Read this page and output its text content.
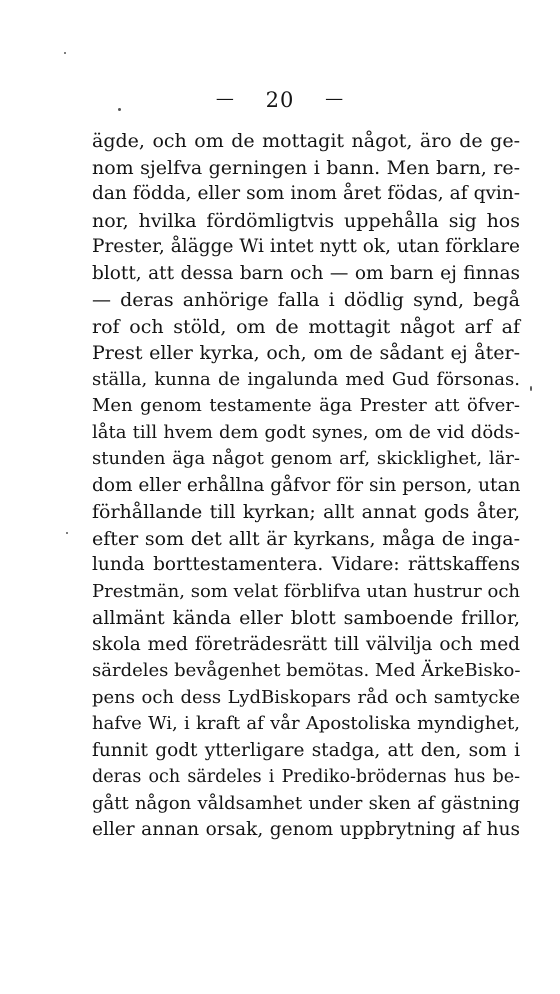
— 20 —
ägde, och om de mottagit något, äro de ge-
nom sjelfva gerningen i bann. Men barn, re-
dan födda, eller som inom året födas, af qvin-
nor, hvilka fördömligtvis uppehålla sig hos
Prester, ålägge Wi intet nytt ok, utan förklare
blott, att dessa barn och — om barn ej finnas
— deras anhörige falla i dödlig synd, begå
rof och stöld, om de mottagit något arf af
Prest eller kyrka, och, om de sådant ej åter-
ställa, kunna de ingalunda med Gud försonas.
Men genom testamente äga Prester att öfver-
låta till hvem dem godt synes, om de vid döds-
stunden äga något genom arf, skicklighet, lär-
dom eller erhållna gåfvor för sin person, utan
förhållande till kyrkan; allt annat gods åter,
efter som det allt är kyrkans, måga de inga-
lunda borttestamentera. Vidare: rättskaffens
Prestmän, som velat förblifva utan hustrur och
allmänt kända eller blott samboende frillor,
skola med företrädesrätt till välvilja och med
särdeles bevågenhet bemötas. Med ÄrkeBisko-
pens och dess LydBiskopars råd och samtycke
hafve Wi, i kraft af vår Apostoliska myndighet,
funnit godt ytterligare stadga, att den, som i
deras och särdeles i Prediko-brödernas hus be-
gått någon våldsamhet under sken af gästning
eller annan orsak, genom uppbrytning af hus
